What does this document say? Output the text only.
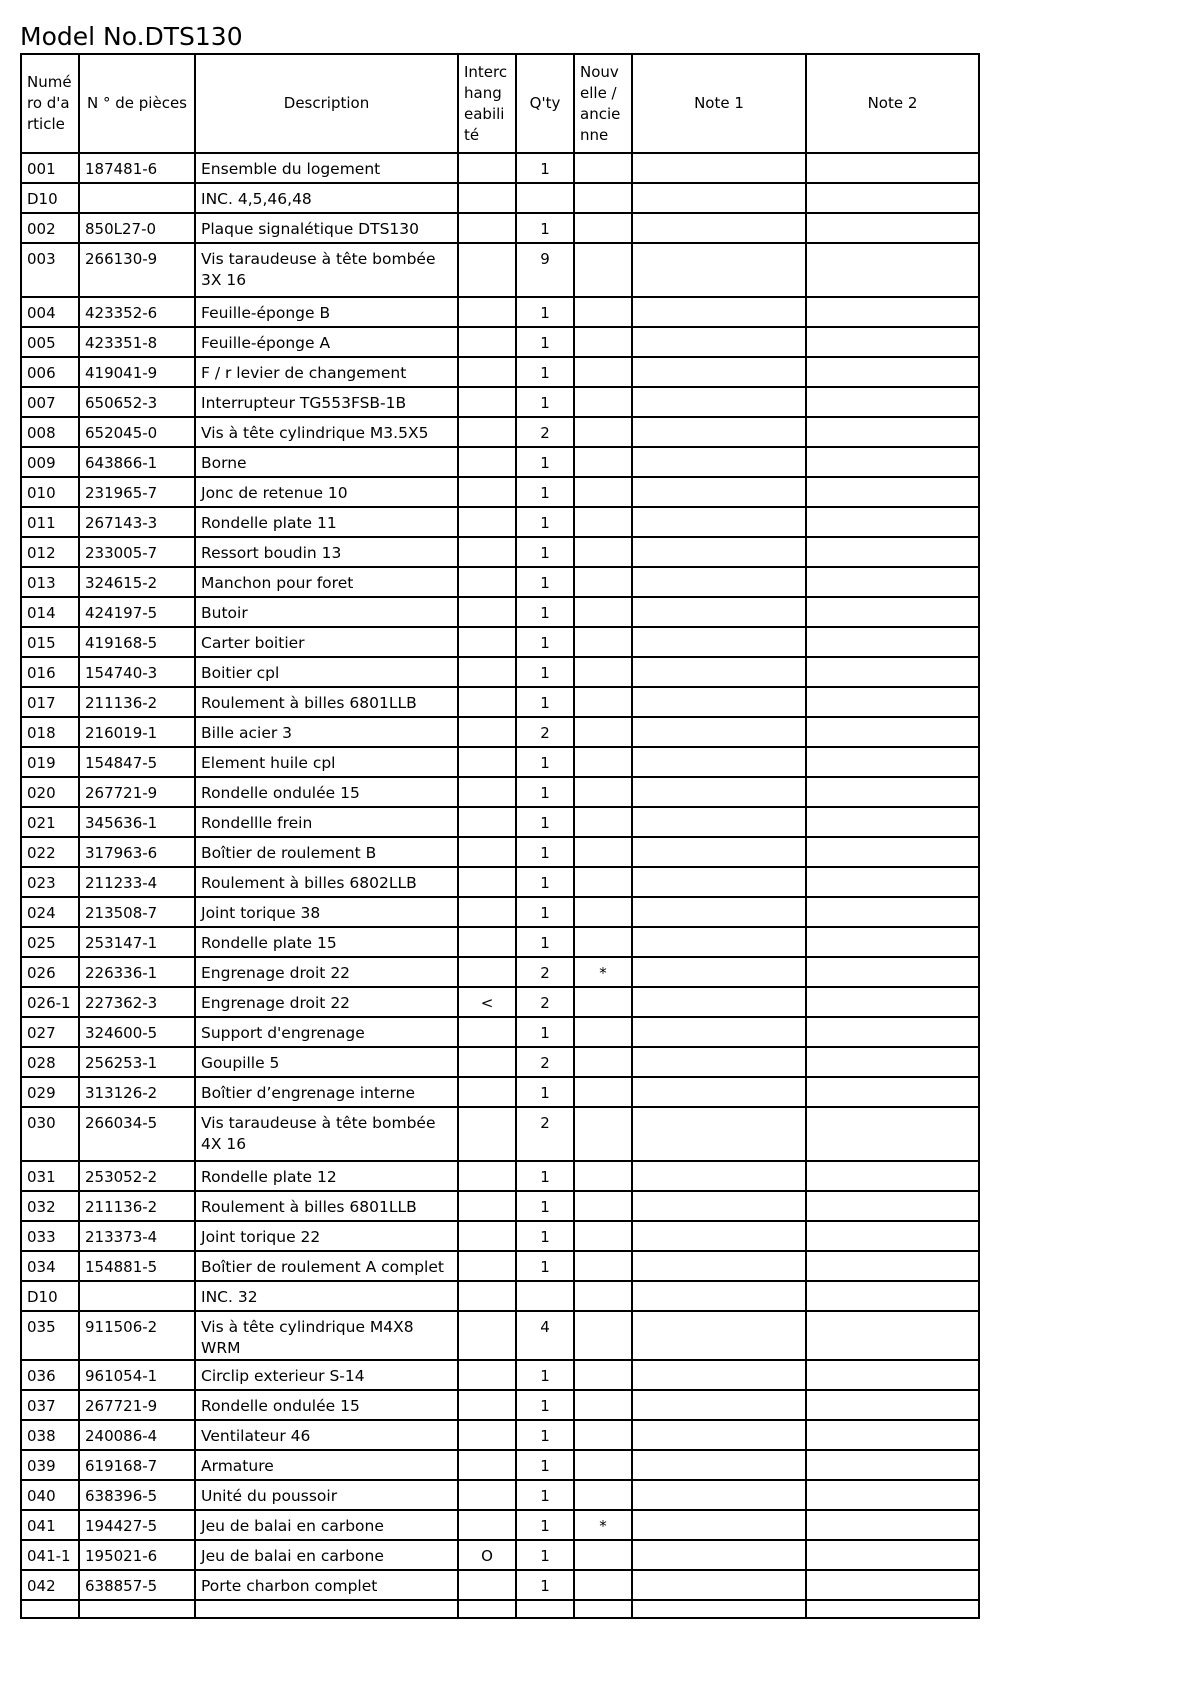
Model No.DTS130
Numéro d'article	N ° de pièces	Description	Interchangeabilité	Q'ty	Nouvelle / ancienne	Note 1	Note 2
001	187481-6	Ensemble du logement		1			
D10		INC. 4,5,46,48					
002	850L27-0	Plaque signalétique DTS130		1			
003	266130-9	Vis taraudeuse à tête bombée 3X 16		9			
004	423352-6	Feuille-éponge B		1			
005	423351-8	Feuille-éponge A		1			
006	419041-9	F / r levier de changement		1			
007	650652-3	Interrupteur TG553FSB-1B		1			
008	652045-0	Vis à tête cylindrique M3.5X5		2			
009	643866-1	Borne		1			
010	231965-7	Jonc de retenue 10		1			
011	267143-3	Rondelle plate 11		1			
012	233005-7	Ressort boudin 13		1			
013	324615-2	Manchon pour foret		1			
014	424197-5	Butoir		1			
015	419168-5	Carter boitier		1			
016	154740-3	Boitier cpl		1			
017	211136-2	Roulement à billes 6801LLB		1			
018	216019-1	Bille acier 3		2			
019	154847-5	Element huile cpl		1			
020	267721-9	Rondelle ondulée 15		1			
021	345636-1	Rondellle frein		1			
022	317963-6	Boîtier de roulement B		1			
023	211233-4	Roulement à billes 6802LLB		1			
024	213508-7	Joint torique 38		1			
025	253147-1	Rondelle plate 15		1			
026	226336-1	Engrenage droit 22		2	*		
026-1	227362-3	Engrenage droit 22	<	2			
027	324600-5	Support d'engrenage		1			
028	256253-1	Goupille 5		2			
029	313126-2	Boîtier d’engrenage interne		1			
030	266034-5	Vis taraudeuse à tête bombée 4X 16		2			
031	253052-2	Rondelle plate 12		1			
032	211136-2	Roulement à billes 6801LLB		1			
033	213373-4	Joint torique 22		1			
034	154881-5	Boîtier de roulement A complet		1			
D10		INC. 32					
035	911506-2	Vis à tête cylindrique M4X8 WRM		4			
036	961054-1	Circlip exterieur S-14		1			
037	267721-9	Rondelle ondulée 15		1			
038	240086-4	Ventilateur 46		1			
039	619168-7	Armature		1			
040	638396-5	Unité du poussoir		1			
041	194427-5	Jeu de balai en carbone		1	*		
041-1	195021-6	Jeu de balai en carbone	O	1			
042	638857-5	Porte charbon complet		1			
